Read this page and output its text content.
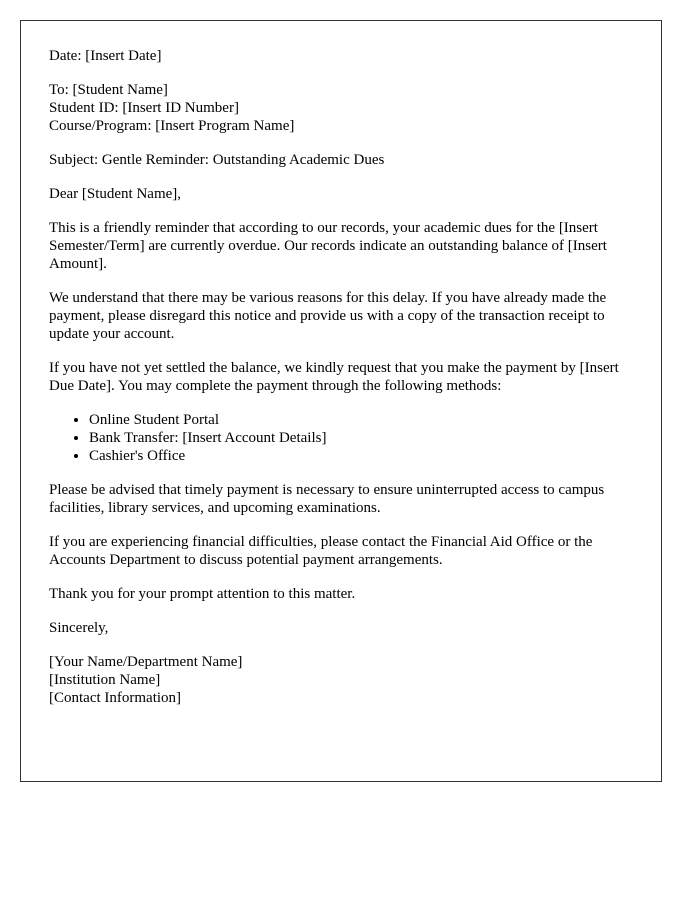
Date: [Insert Date]

To: [Student Name]
Student ID: [Insert ID Number]
Course/Program: [Insert Program Name]

Subject: Gentle Reminder: Outstanding Academic Dues

Dear [Student Name],

This is a friendly reminder that according to our records, your academic dues for the [Insert Semester/Term] are currently overdue. Our records indicate an outstanding balance of [Insert Amount].

We understand that there may be various reasons for this delay. If you have already made the payment, please disregard this notice and provide us with a copy of the transaction receipt to update your account.

If you have not yet settled the balance, we kindly request that you make the payment by [Insert Due Date]. You may complete the payment through the following methods:

• Online Student Portal
• Bank Transfer: [Insert Account Details]
• Cashier's Office

Please be advised that timely payment is necessary to ensure uninterrupted access to campus facilities, library services, and upcoming examinations.

If you are experiencing financial difficulties, please contact the Financial Aid Office or the Accounts Department to discuss potential payment arrangements.

Thank you for your prompt attention to this matter.

Sincerely,

[Your Name/Department Name]
[Institution Name]
[Contact Information]
